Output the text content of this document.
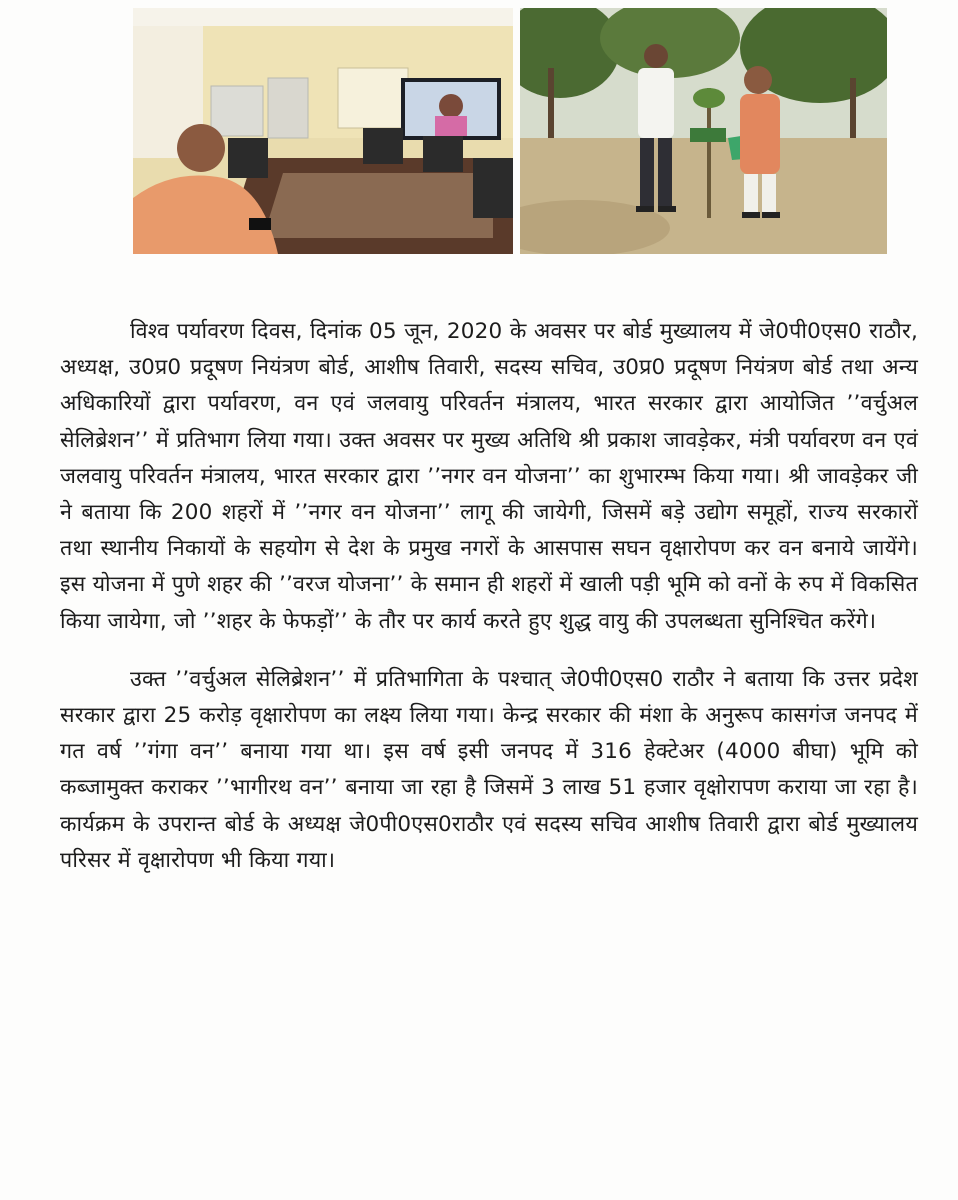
विश्व पर्यावरण दिवस, दिनांक 05 जून, 2020 के अवसर पर बोर्ड मुख्यालय में जे0पी0एस0 राठौर, अध्यक्ष, उ0प्र0 प्रदूषण नियंत्रण बोर्ड, आशीष तिवारी, सदस्य सचिव, उ0प्र0 प्रदूषण नियंत्रण बोर्ड तथा अन्य अधिकारियों द्वारा पर्यावरण, वन एवं जलवायु परिवर्तन मंत्रालय, भारत सरकार द्वारा आयोजित ’’वर्चुअल सेलिब्रेशन’’ में प्रतिभाग लिया गया। उक्त अवसर पर मुख्य अतिथि श्री प्रकाश जावड़ेकर, मंत्री पर्यावरण वन एवं जलवायु परिवर्तन मंत्रालय, भारत सरकार द्वारा ’’नगर वन योजना’’ का शुभारम्भ किया गया। श्री जावड़ेकर जी ने बताया कि 200 शहरों में ’’नगर वन योजना’’ लागू की जायेगी, जिसमें बड़े उद्योग समूहों, राज्य सरकारों तथा स्थानीय निकायों के सहयोग से देश के प्रमुख नगरों के आसपास सघन वृक्षारोपण कर वन बनाये जायेंगे। इस योजना में पुणे शहर की ’’वरज योजना’’ के समान ही शहरों में खाली पड़ी भूमि को वनों के रुप में विकसित किया जायेगा, जो ’’शहर के फेफड़ों’’ के तौर पर कार्य करते हुए शुद्ध वायु की उपलब्धता सुनिश्चित करेंगे।

उक्त ’’वर्चुअल सेलिब्रेशन’’ में प्रतिभागिता के पश्चात् जे0पी0एस0 राठौर ने बताया कि उत्तर प्रदेश सरकार द्वारा 25 करोड़ वृक्षारोपण का लक्ष्य लिया गया। केन्द्र सरकार की मंशा के अनुरूप कासगंज जनपद में गत वर्ष ’’गंगा वन’’ बनाया गया था। इस वर्ष इसी जनपद में 316 हेक्टेअर (4000 बीघा) भूमि को कब्जामुक्त कराकर ’’भागीरथ वन’’ बनाया जा रहा है जिसमें 3 लाख 51 हजार वृक्षोरापण कराया जा रहा है। कार्यक्रम के उपरान्त बोर्ड के अध्यक्ष जे0पी0एस0राठौर एवं सदस्य सचिव आशीष तिवारी द्वारा बोर्ड मुख्यालय परिसर में वृक्षारोपण भी किया गया।
